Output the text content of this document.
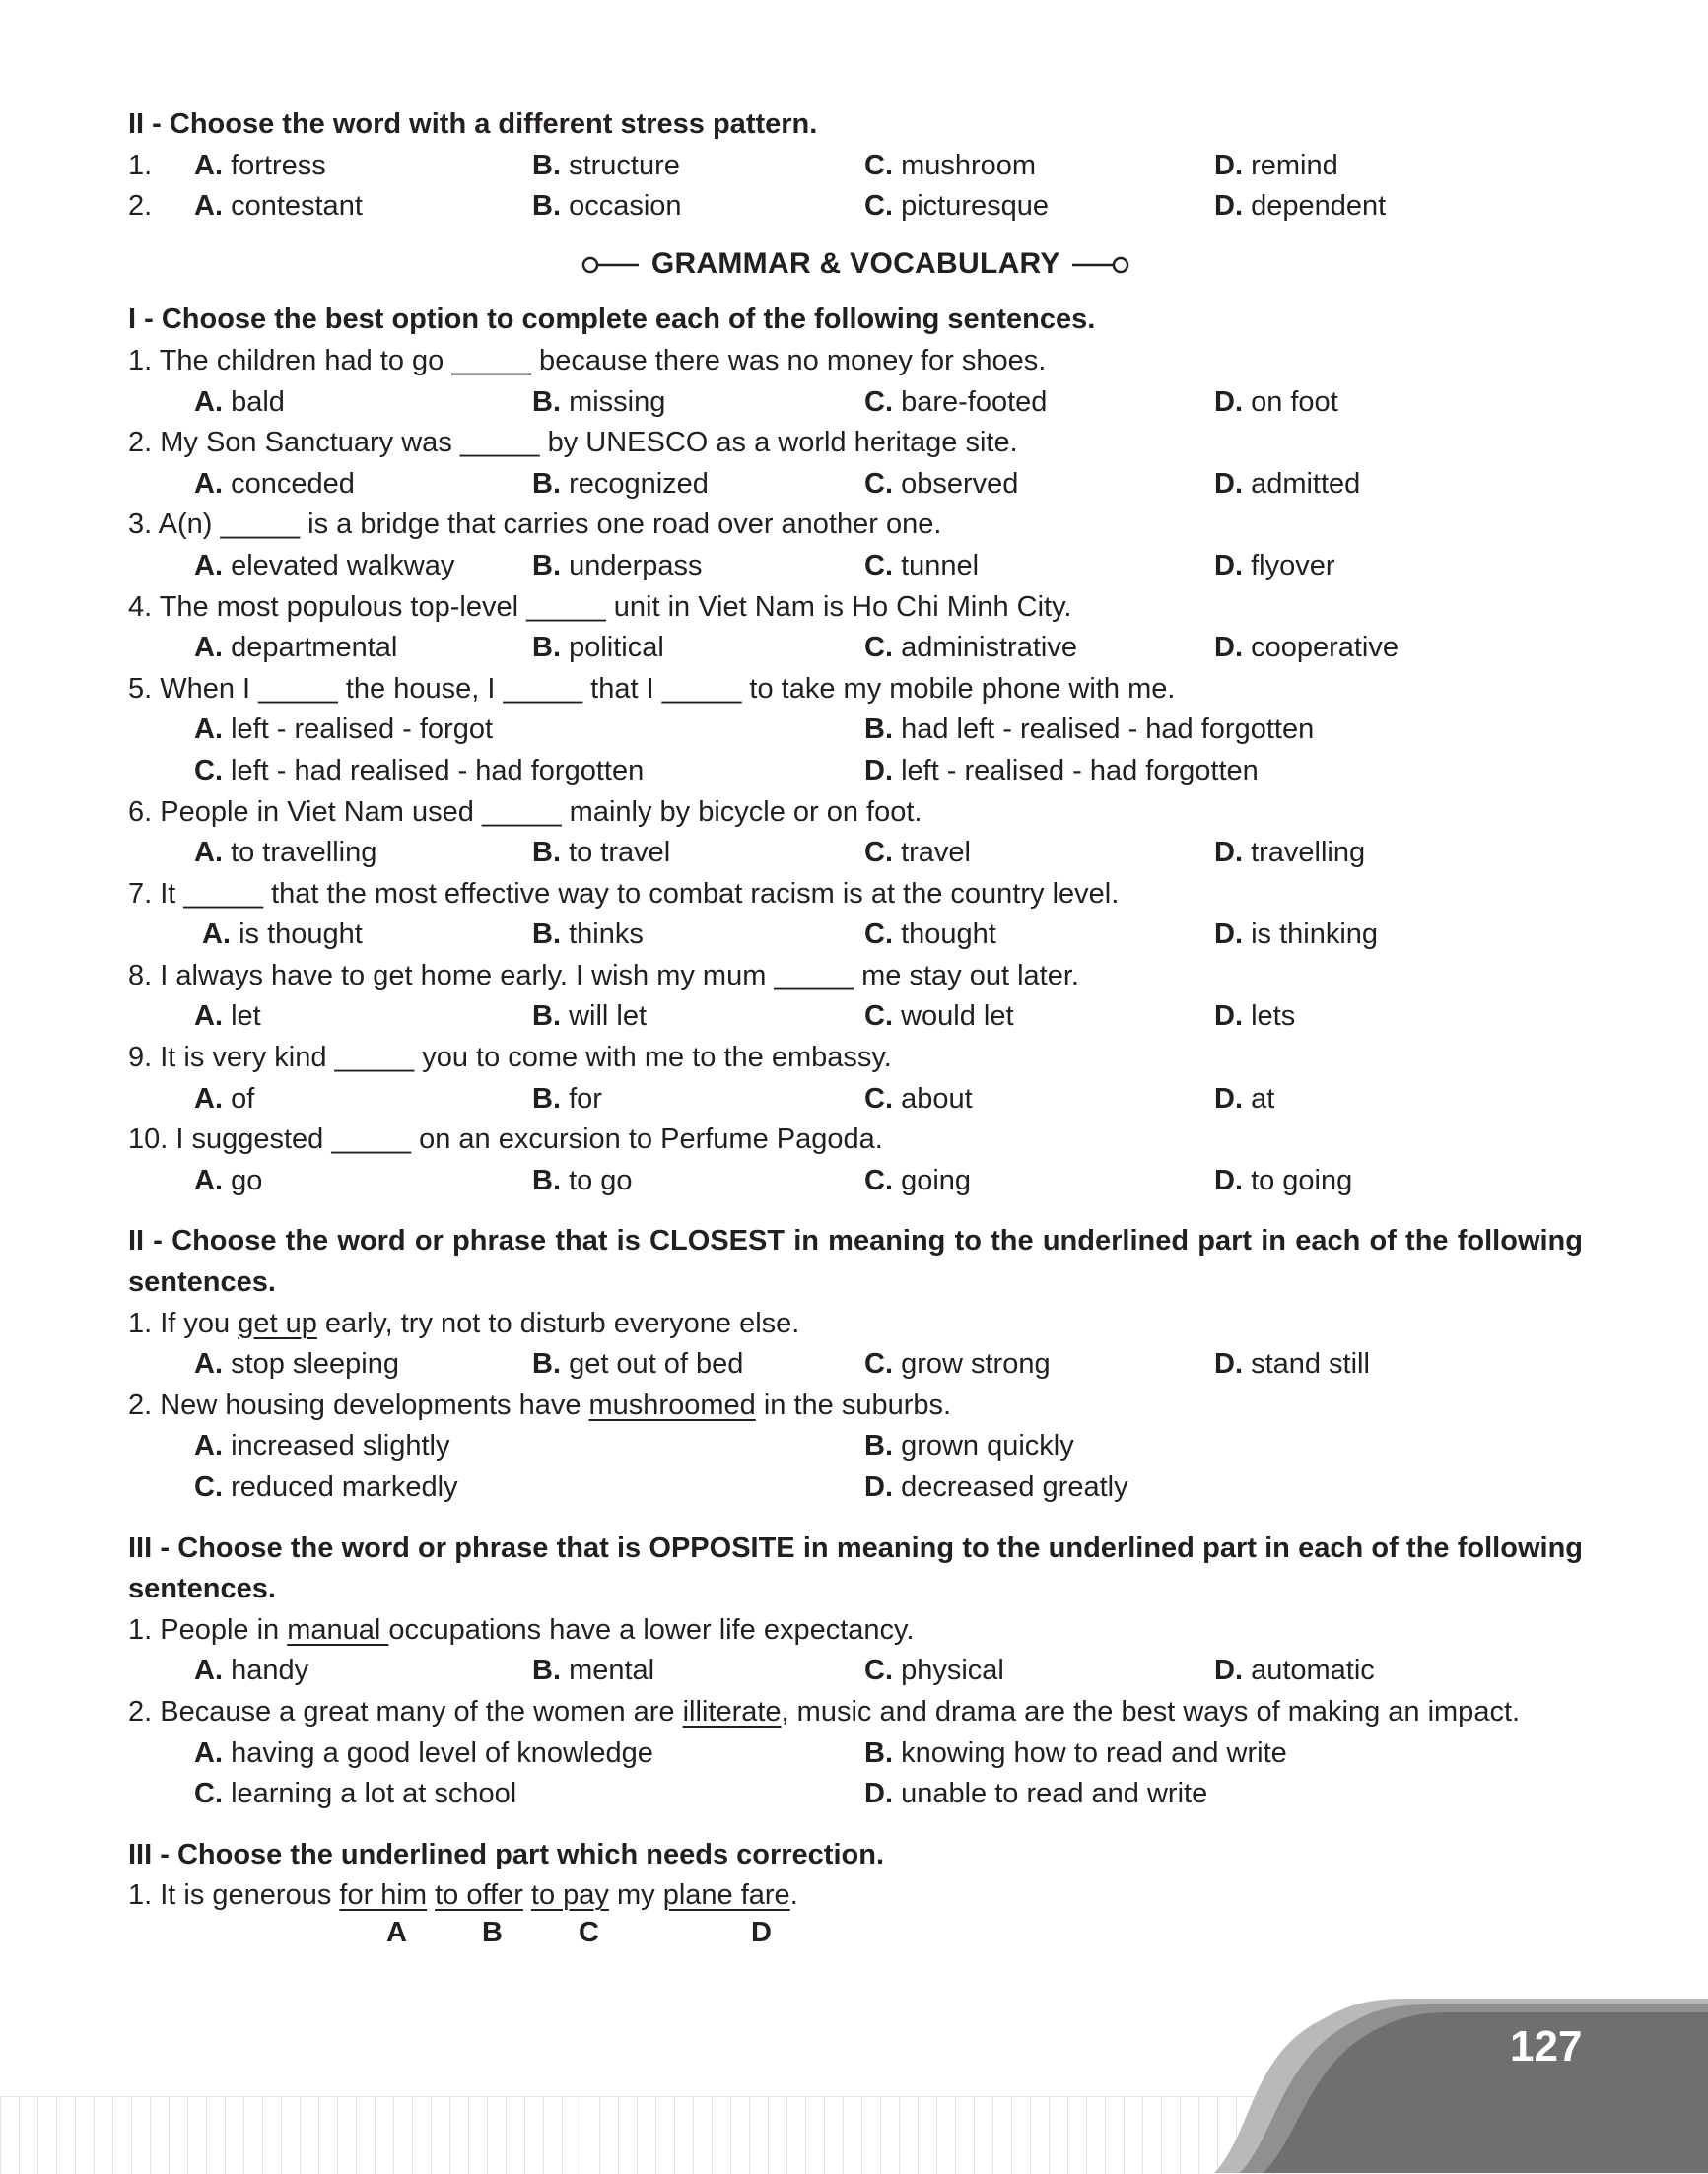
II - Choose the word with a different stress pattern.
1. A. fortress	B. structure	C. mushroom	D. remind
2. A. contestant	B. occasion	C. picturesque	D. dependent
GRAMMAR & VOCABULARY
I - Choose the best option to complete each of the following sentences.
1. The children had to go _____ because there was no money for shoes.
A. bald	B. missing	C. bare-footed	D. on foot
2. My Son Sanctuary was _____ by UNESCO as a world heritage site.
A. conceded	B. recognized	C. observed	D. admitted
3. A(n) _____ is a bridge that carries one road over another one.
A. elevated walkway	B. underpass	C. tunnel	D. flyover
4. The most populous top-level _____ unit in Viet Nam is Ho Chi Minh City.
A. departmental	B. political	C. administrative	D. cooperative
5. When I _____ the house, I _____ that I _____ to take my mobile phone with me.
A. left - realised - forgot	B. had left - realised - had forgotten
C. left - had realised - had forgotten	D. left - realised - had forgotten
6. People in Viet Nam used _____ mainly by bicycle or on foot.
A. to travelling	B. to travel	C. travel	D. travelling
7. It _____ that the most effective way to combat racism is at the country level.
A. is thought	B. thinks	C. thought	D. is thinking
8. I always have to get home early. I wish my mum _____ me stay out later.
A. let	B. will let	C. would let	D. lets
9. It is very kind _____ you to come with me to the embassy.
A. of	B. for	C. about	D. at
10. I suggested _____ on an excursion to Perfume Pagoda.
A. go	B. to go	C. going	D. to going
II - Choose the word or phrase that is CLOSEST in meaning to the underlined part in each of the following sentences.
1. If you get up early, try not to disturb everyone else.
A. stop sleeping	B. get out of bed	C. grow strong	D. stand still
2. New housing developments have mushroomed in the suburbs.
A. increased slightly	B. grown quickly
C. reduced markedly	D. decreased greatly
III - Choose the word or phrase that is OPPOSITE in meaning to the underlined part in each of the following sentences.
1. People in manual occupations have a lower life expectancy.
A. handy	B. mental	C. physical	D. automatic
2. Because a great many of the women are illiterate, music and drama are the best ways of making an impact.
A. having a good level of knowledge	B. knowing how to read and write
C. learning a lot at school	D. unable to read and write
III - Choose the underlined part which needs correction.
1. It is generous for him to offer to pay my plane fare.
A	B	C	D
127
